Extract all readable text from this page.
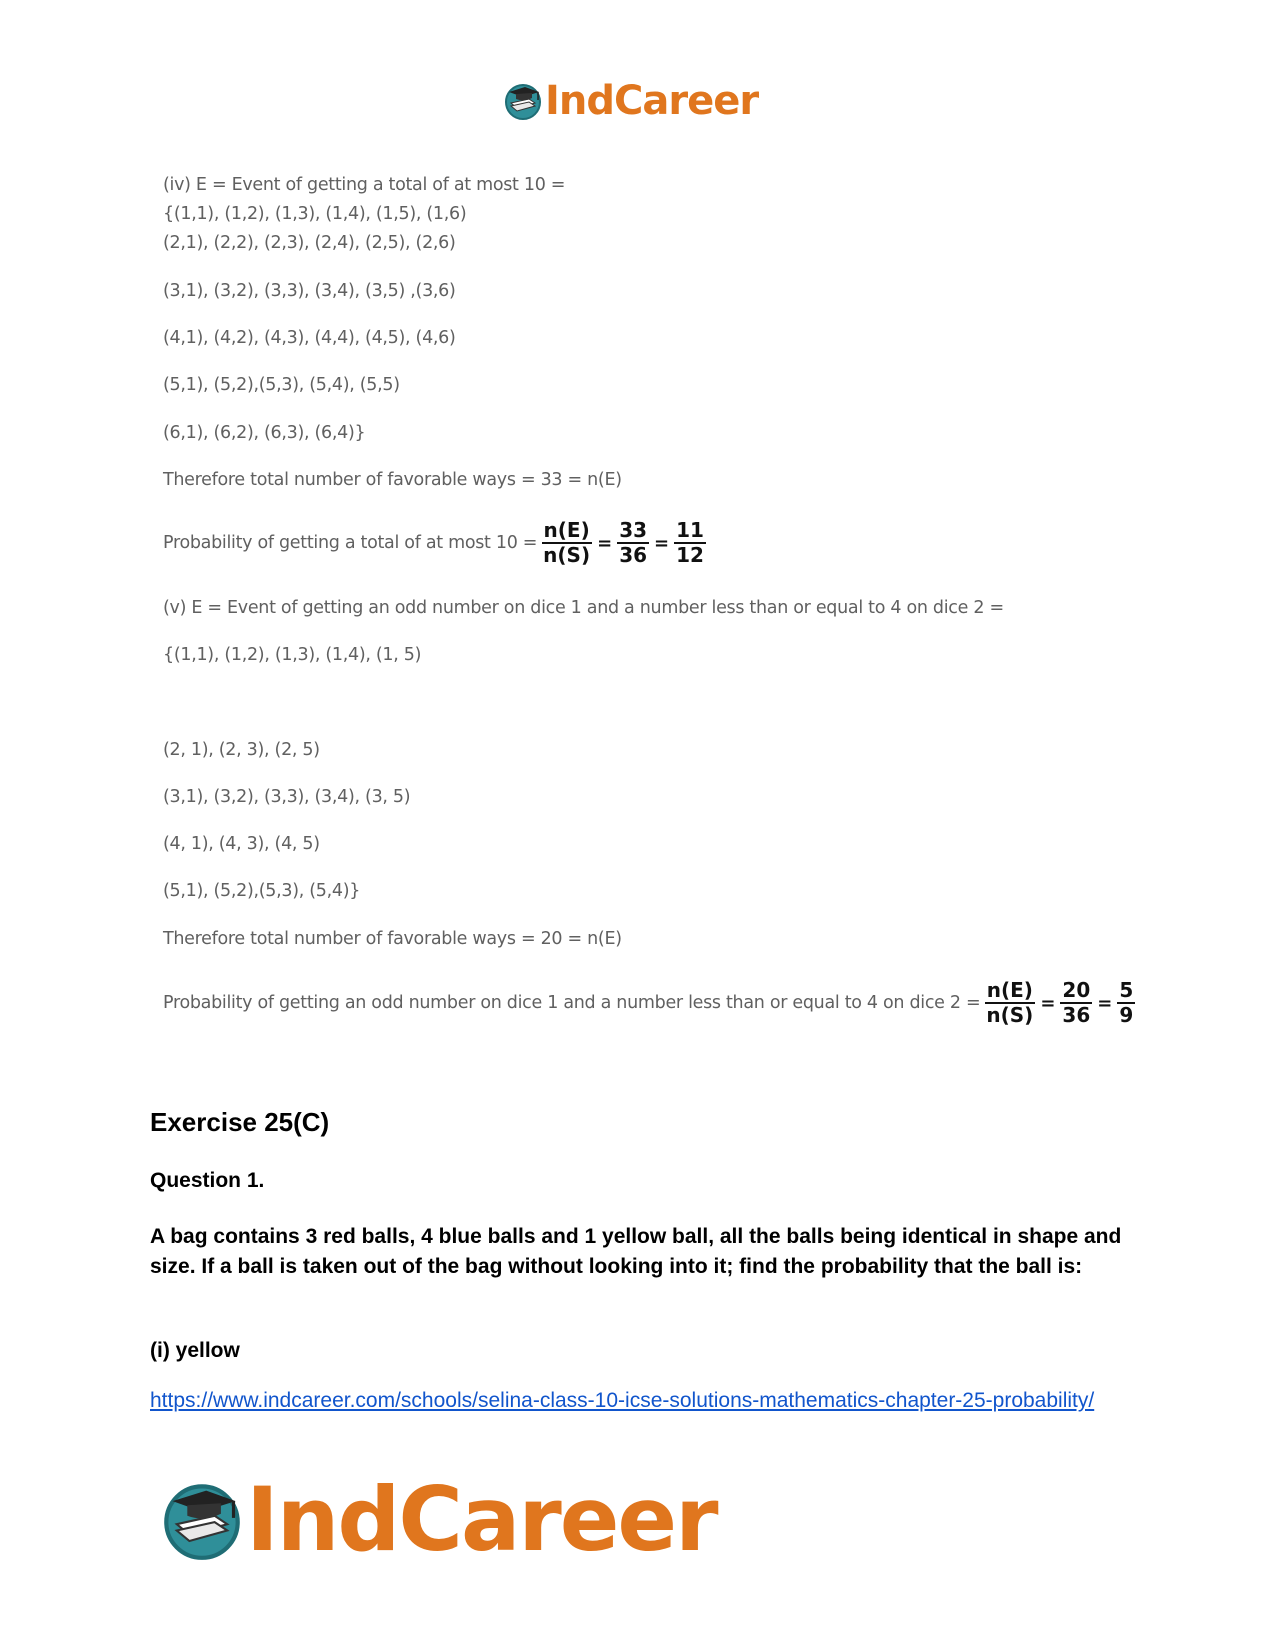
IndCareer
(iv) E = Event of getting a total of at most 10 =
{(1,1), (1,2), (1,3), (1,4), (1,5), (1,6)
(2,1), (2,2), (2,3), (2,4), (2,5), (2,6)
(3,1), (3,2), (3,3), (3,4), (3,5) ,(3,6)
(4,1), (4,2), (4,3), (4,4), (4,5), (4,6)
(5,1), (5,2),(5,3), (5,4), (5,5)
(6,1), (6,2), (6,3), (6,4)}
Therefore total number of favorable ways = 33 = n(E)
Probability of getting a total of at most $10 = \frac{n(E)}{n(S)} = \frac{33}{36} = \frac{11}{12}$
(v) E = Event of getting an odd number on dice 1 and a number less than or equal to 4 on dice 2 =
{(1,1), (1,2), (1,3), (1,4), (1, 5)
(2, 1), (2, 3), (2, 5)
(3,1), (3,2), (3,3), (3,4), (3, 5)
(4, 1), (4, 3), (4, 5)
(5,1), (5,2),(5,3), (5,4)}
Therefore total number of favorable ways = 20 = n(E)
Probability of getting an odd number on dice 1 and a number less than or equal to 4 on dice $2 = \frac{n(E)}{n(S)} = \frac{20}{36} = \frac{5}{9}$
Exercise 25(C)
Question 1.
A bag contains 3 red balls, 4 blue balls and 1 yellow ball, all the balls being identical in shape and size. If a ball is taken out of the bag without looking into it; find the probability that the ball is:
(i) yellow
https://www.indcareer.com/schools/selina-class-10-icse-solutions-mathematics-chapter-25-probability/
IndCareer
